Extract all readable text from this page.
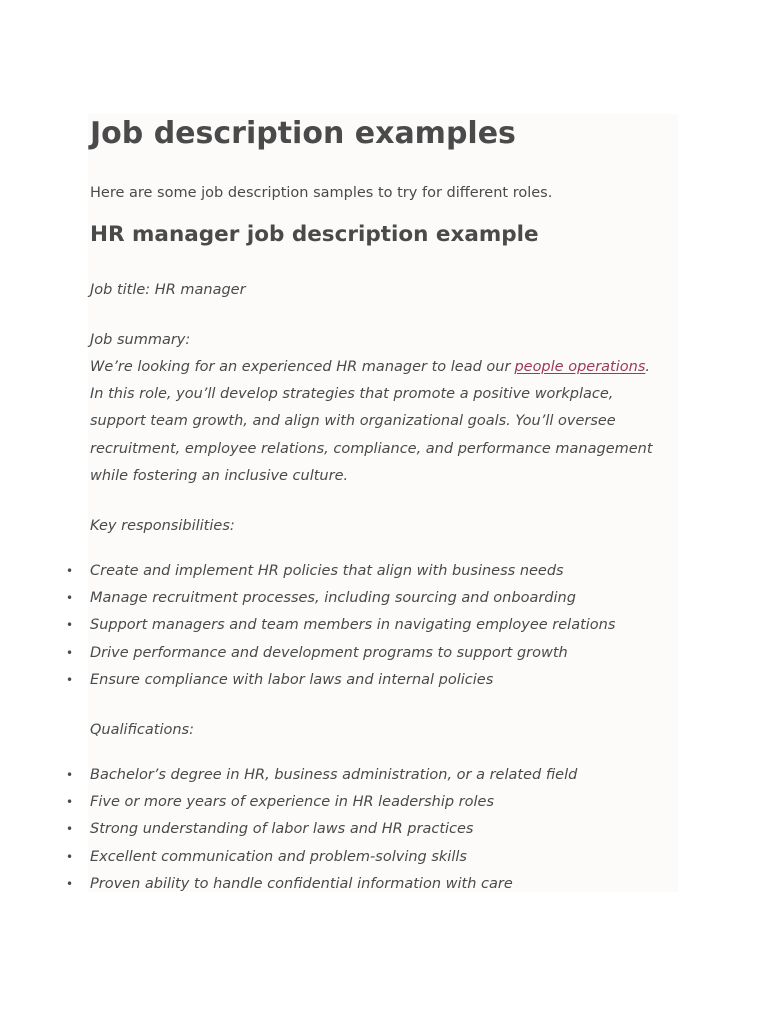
Job description examples

Here are some job description samples to try for different roles.

HR manager job description example

Job title: HR manager

Job summary:

We’re looking for an experienced HR manager to lead our people operations.
In this role, you’ll develop strategies that promote a positive workplace,
support team growth, and align with organizational goals. You’ll oversee
recruitment, employee relations, compliance, and performance management
while fostering an inclusive culture.

Key responsibilities:

• Create and implement HR policies that align with business needs
• Manage recruitment processes, including sourcing and onboarding
• Support managers and team members in navigating employee relations
• Drive performance and development programs to support growth
• Ensure compliance with labor laws and internal policies

Qualifications:

• Bachelor’s degree in HR, business administration, or a related field
• Five or more years of experience in HR leadership roles
• Strong understanding of labor laws and HR practices
• Excellent communication and problem-solving skills
• Proven ability to handle confidential information with care
